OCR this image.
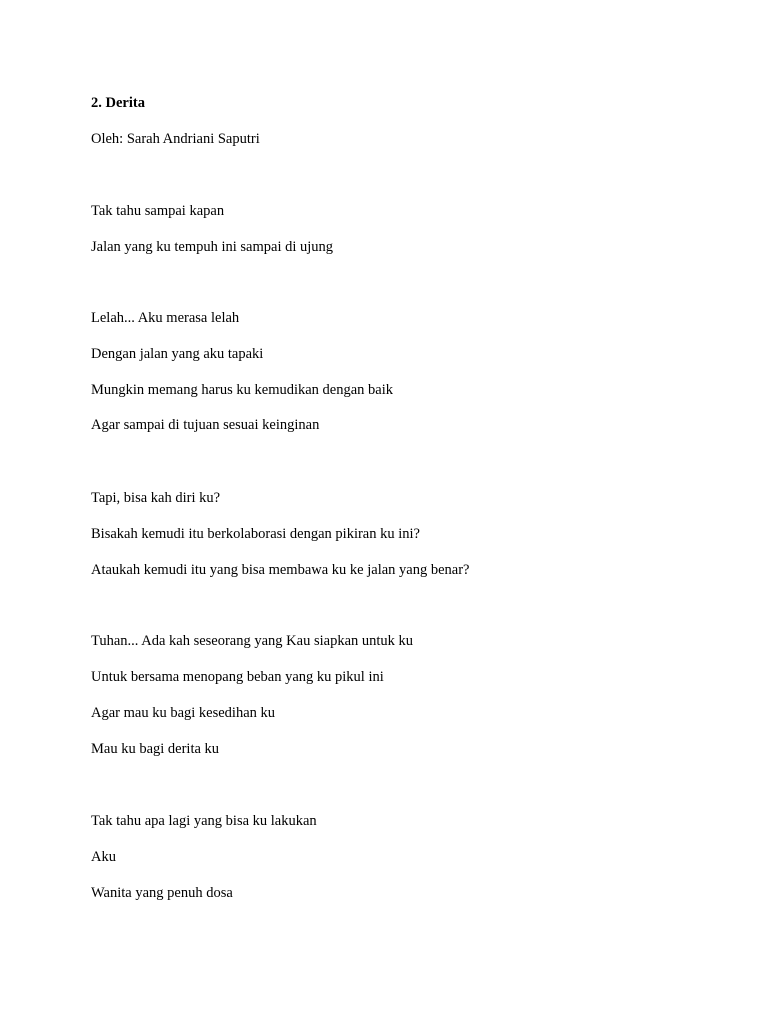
2. Derita
Oleh: Sarah Andriani Saputri
Tak tahu sampai kapan
Jalan yang ku tempuh ini sampai di ujung
Lelah... Aku merasa lelah
Dengan jalan yang aku tapaki
Mungkin memang harus ku kemudikan dengan baik
Agar sampai di tujuan sesuai keinginan
Tapi, bisa kah diri ku?
Bisakah kemudi itu berkolaborasi dengan pikiran ku ini?
Ataukah kemudi itu yang bisa membawa ku ke jalan yang benar?
Tuhan... Ada kah seseorang yang Kau siapkan untuk ku
Untuk bersama menopang beban yang ku pikul ini
Agar mau ku bagi kesedihan ku
Mau ku bagi derita ku
Tak tahu apa lagi yang bisa ku lakukan
Aku
Wanita yang penuh dosa
